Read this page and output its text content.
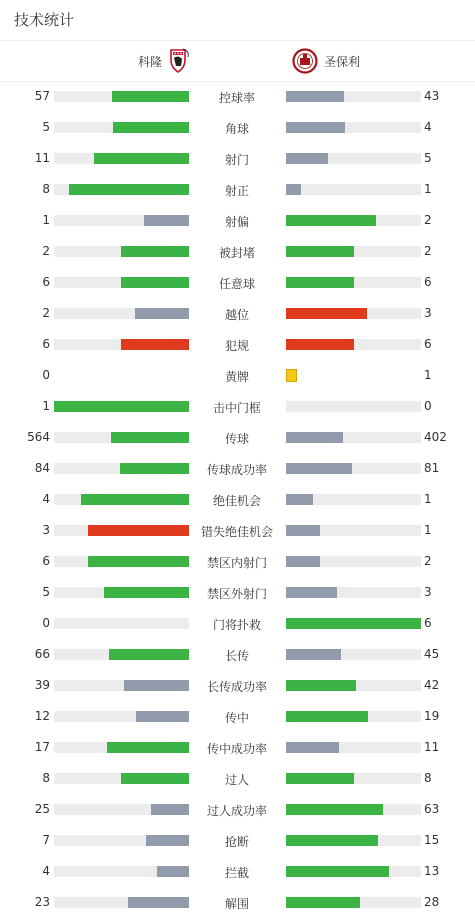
技术统计
科隆	圣保利
57	控球率	43
5	角球	4
11	射门	5
8	射正	1
1	射偏	2
2	被封堵	2
6	任意球	6
2	越位	3
6	犯规	6
0	黄牌	1
1	击中门框	0
564	传球	402
84	传球成功率	81
4	绝佳机会	1
3	错失绝佳机会	1
6	禁区内射门	2
5	禁区外射门	3
0	门将扑救	6
66	长传	45
39	长传成功率	42
12	传中	19
17	传中成功率	11
8	过人	8
25	过人成功率	63
7	抢断	15
4	拦截	13
23	解围	28
